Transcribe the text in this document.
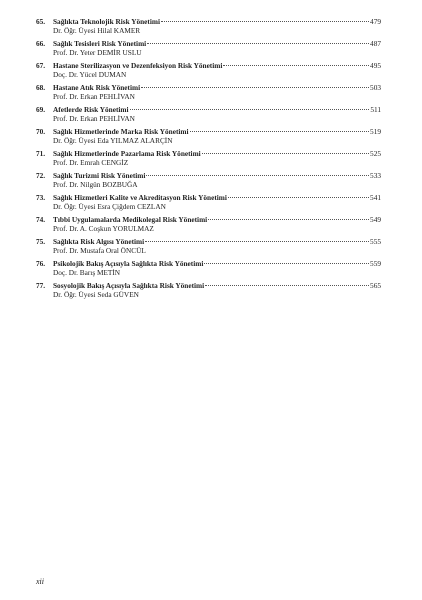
65.	Sağlıkta Teknolojik Risk Yönetimi	479
Dr. Öğr. Üyesi Hilal KAMER
66.	Sağlık Tesisleri Risk Yönetimi	487
Prof. Dr. Yeter DEMİR USLU
67.	Hastane Sterilizasyon ve Dezenfeksiyon Risk Yönetimi	495
Doç. Dr. Yücel DUMAN
68.	Hastane Atık Risk Yönetimi	503
Prof. Dr. Erkan PEHLİVAN
69.	Afetlerde Risk Yönetimi	511
Prof. Dr. Erkan PEHLİVAN
70.	Sağlık Hizmetlerinde Marka Risk Yönetimi	519
Dr. Öğr. Üyesi Eda YILMAZ ALARÇİN
71.	Sağlık Hizmetlerinde Pazarlama Risk Yönetimi	525
Prof. Dr. Emrah CENGİZ
72.	Sağlık Turizmi Risk Yönetimi	533
Prof. Dr. Nilgün BOZBUĞA
73.	Sağlık Hizmetleri Kalite ve Akreditasyon Risk Yönetimi	541
Dr. Öğr. Üyesi Esra Çiğdem CEZLAN
74.	Tıbbi Uygulamalarda Medikolegal Risk Yönetimi	549
Prof. Dr. A. Coşkun YORULMAZ
75.	Sağlıkta Risk Algısı Yönetimi	555
Prof. Dr. Mustafa Oral ÖNCÜL
76.	Psikolojik Bakış Açısıyla Sağlıkta Risk Yönetimi	559
Doç. Dr. Barış METİN
77.	Sosyolojik Bakış Açısıyla Sağlıkta Risk Yönetimi	565
Dr. Öğr. Üyesi Seda GÜVEN
xii
